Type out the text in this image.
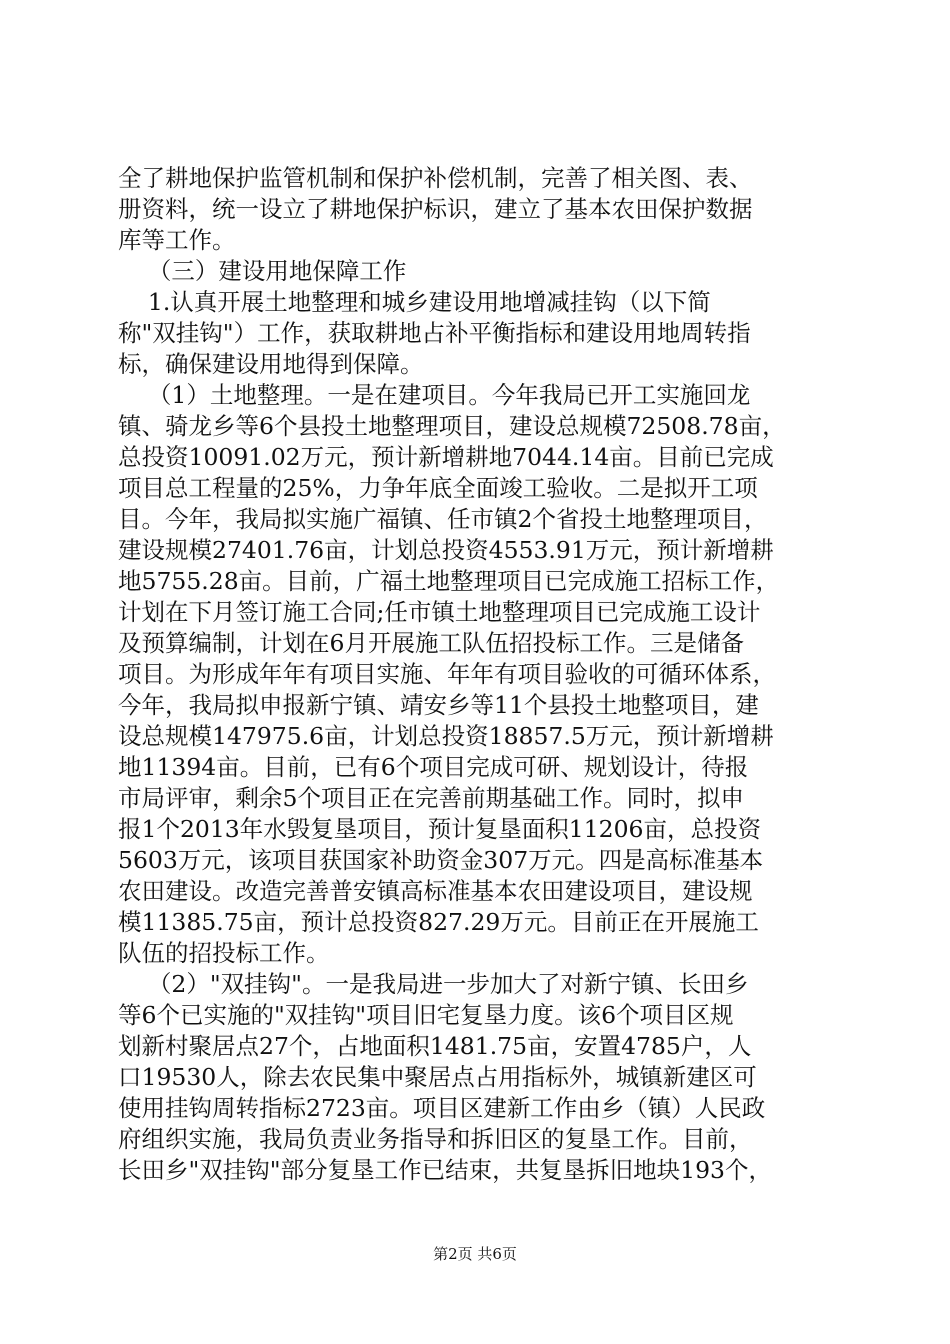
全了耕地保护监管机制和保护补偿机制，完善了相关图、表、
册资料，统一设立了耕地保护标识，建立了基本农田保护数据
库等工作。
（三）建设用地保障工作
1.认真开展土地整理和城乡建设用地增减挂钩（以下简
称"双挂钩"）工作，获取耕地占补平衡指标和建设用地周转指
标，确保建设用地得到保障。
（1）土地整理。一是在建项目。今年我局已开工实施回龙
镇、骑龙乡等6个县投土地整理项目，建设总规模72508.78亩，
总投资10091.02万元，预计新增耕地7044.14亩。目前已完成
项目总工程量的25%，力争年底全面竣工验收。二是拟开工项
目。今年，我局拟实施广福镇、任市镇2个省投土地整理项目，
建设规模27401.76亩，计划总投资4553.91万元，预计新增耕
地5755.28亩。目前，广福土地整理项目已完成施工招标工作，
计划在下月签订施工合同;任市镇土地整理项目已完成施工设计
及预算编制，计划在6月开展施工队伍招投标工作。三是储备
项目。为形成年年有项目实施、年年有项目验收的可循环体系，
今年，我局拟申报新宁镇、靖安乡等11个县投土地整项目，建
设总规模147975.6亩，计划总投资18857.5万元，预计新增耕
地11394亩。目前，已有6个项目完成可研、规划设计，待报
市局评审，剩余5个项目正在完善前期基础工作。同时，拟申
报1个2013年水毁复垦项目，预计复垦面积11206亩，总投资
5603万元，该项目获国家补助资金307万元。四是高标准基本
农田建设。改造完善普安镇高标准基本农田建设项目，建设规
模11385.75亩，预计总投资827.29万元。目前正在开展施工
队伍的招投标工作。
（2）"双挂钩"。一是我局进一步加大了对新宁镇、长田乡
等6个已实施的"双挂钩"项目旧宅复垦力度。该6个项目区规
划新村聚居点27个，占地面积1481.75亩，安置4785户，人
口19530人，除去农民集中聚居点占用指标外，城镇新建区可
使用挂钩周转指标2723亩。项目区建新工作由乡（镇）人民政
府组织实施，我局负责业务指导和拆旧区的复垦工作。目前，
长田乡"双挂钩"部分复垦工作已结束，共复垦拆旧地块193个，
第2页 共6页
